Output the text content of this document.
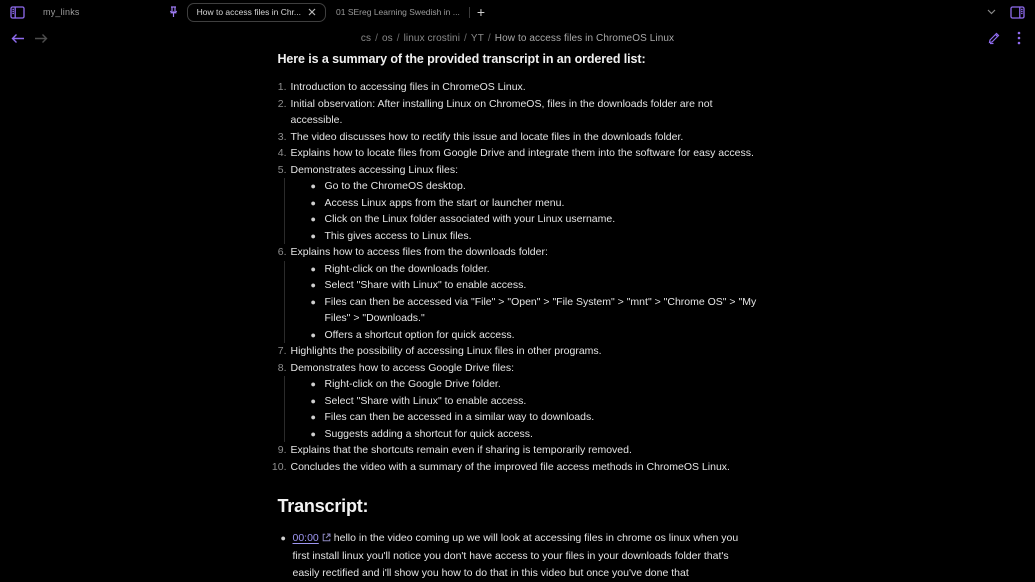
my_links	How to access files in Chr...	01 SEreg Learning Swedish in ... +
cs / os / linux crostini / YT / How to access files in ChromeOS Linux
Here is a summary of the provided transcript in an ordered list:
1. Introduction to accessing files in ChromeOS Linux.
2. Initial observation: After installing Linux on ChromeOS, files in the downloads folder are not accessible.
3. The video discusses how to rectify this issue and locate files in the downloads folder.
4. Explains how to locate files from Google Drive and integrate them into the software for easy access.
5. Demonstrates accessing Linux files:
● Go to the ChromeOS desktop.
● Access Linux apps from the start or launcher menu.
● Click on the Linux folder associated with your Linux username.
● This gives access to Linux files.
6. Explains how to access files from the downloads folder:
● Right-click on the downloads folder.
● Select "Share with Linux" to enable access.
● Files can then be accessed via "File" > "Open" > "File System" > "mnt" > "Chrome OS" > "My Files" > "Downloads."
● Offers a shortcut option for quick access.
7. Highlights the possibility of accessing Linux files in other programs.
8. Demonstrates how to access Google Drive files:
● Right-click on the Google Drive folder.
● Select "Share with Linux" to enable access.
● Files can then be accessed in a similar way to downloads.
● Suggests adding a shortcut for quick access.
9. Explains that the shortcuts remain even if sharing is temporarily removed.
10. Concludes the video with a summary of the improved file access methods in ChromeOS Linux.
Transcript:
● 00:00 hello in the video coming up we will look at accessing files in chrome os linux when you first install linux you'll notice you don't have access to your files in your downloads folder that's easily rectified and i'll show you how to do that in this video but once you've done that
